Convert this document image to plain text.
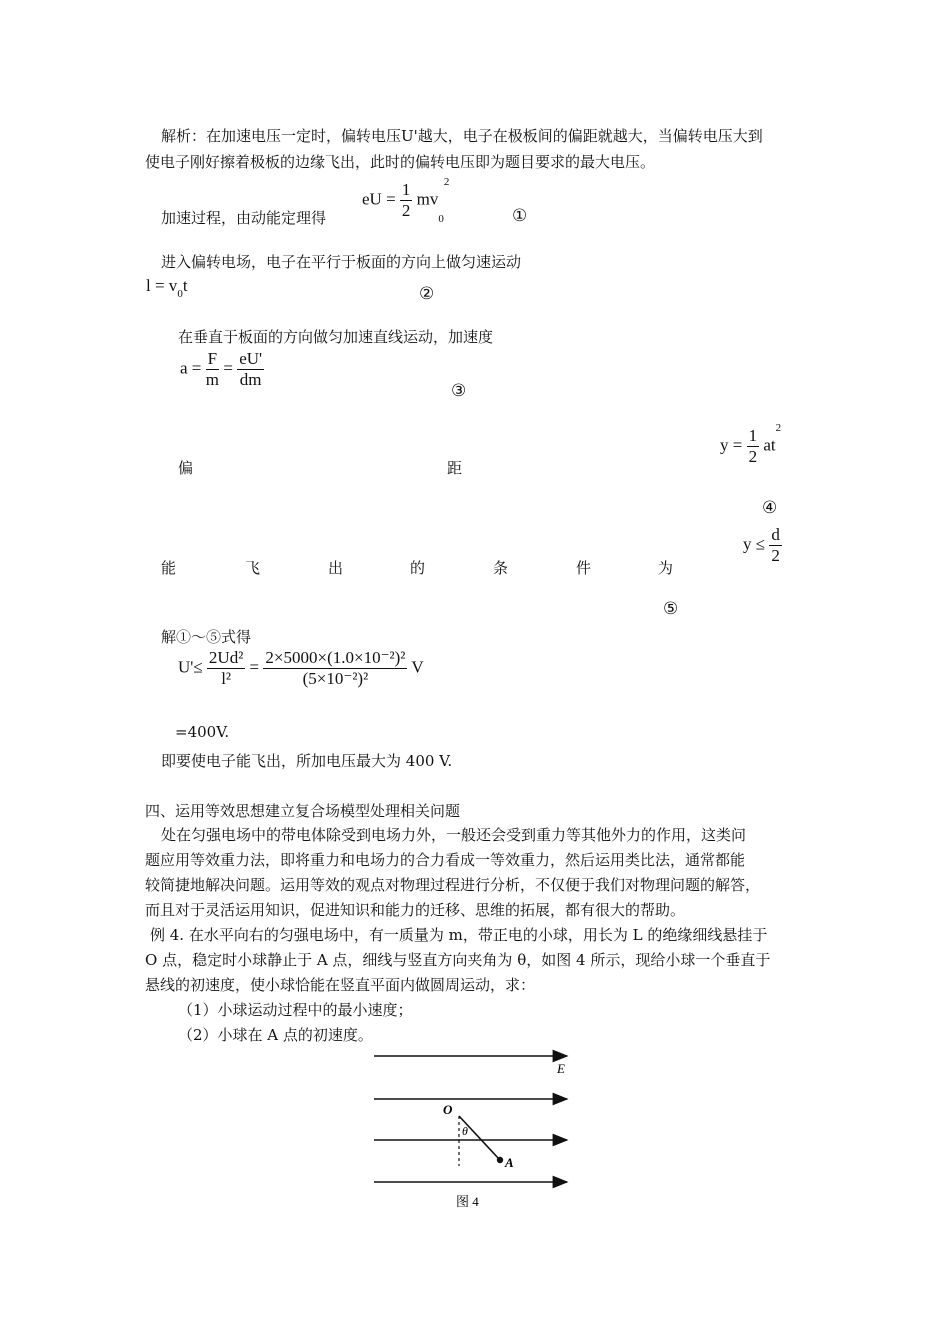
解析：在加速电压一定时，偏转电压U'越大，电子在极板间的偏距就越大，当偏转电压大到
使电子刚好擦着极板的边缘飞出，此时的偏转电压即为题目要求的最大电压。
eU = $\frac{1}{2} mv_0^2$
加速过程，由动能定理得	①
进入偏转电场，电子在平行于板面的方向上做匀速运动
$l = v_0t$	②
在垂直于板面的方向做匀加速直线运动，加速度
$a = \frac{F}{m} = \frac{eU'}{dm}$
③
$y = \frac{1}{2} at^2$
偏	距
④
$y \le \frac{d}{2}$
能	飞	出	的	条	件	为
⑤
解①～⑤式得
$U'\le \frac{\text{2Ud²}}{\text{l²}} = \frac{\text{2×5000×(1.0×10⁻²)²}}{\text{(5×10⁻²)²}}$ V
=400V.
即要使电子能飞出，所加电压最大为 400 V.
四、运用等效思想建立复合场模型处理相关问题
处在匀强电场中的带电体除受到电场力外，一般还会受到重力等其他外力的作用，这类问
题应用等效重力法，即将重力和电场力的合力看成一等效重力，然后运用类比法，通常都能
较简捷地解决问题。运用等效的观点对物理过程进行分析，不仅便于我们对物理问题的解答，
而且对于灵活运用知识，促进知识和能力的迁移、思维的拓展，都有很大的帮助。
例 4. 在水平向右的匀强电场中，有一质量为 m，带正电的小球，用长为 L 的绝缘细线悬挂于
O 点，稳定时小球静止于 A 点，细线与竖直方向夹角为 θ，如图 4 所示，现给小球一个垂直于
悬线的初速度，使小球恰能在竖直平面内做圆周运动，求：
（1）小球运动过程中的最小速度；
（2）小球在 A 点的初速度。
E
O
θ
A
图 4
